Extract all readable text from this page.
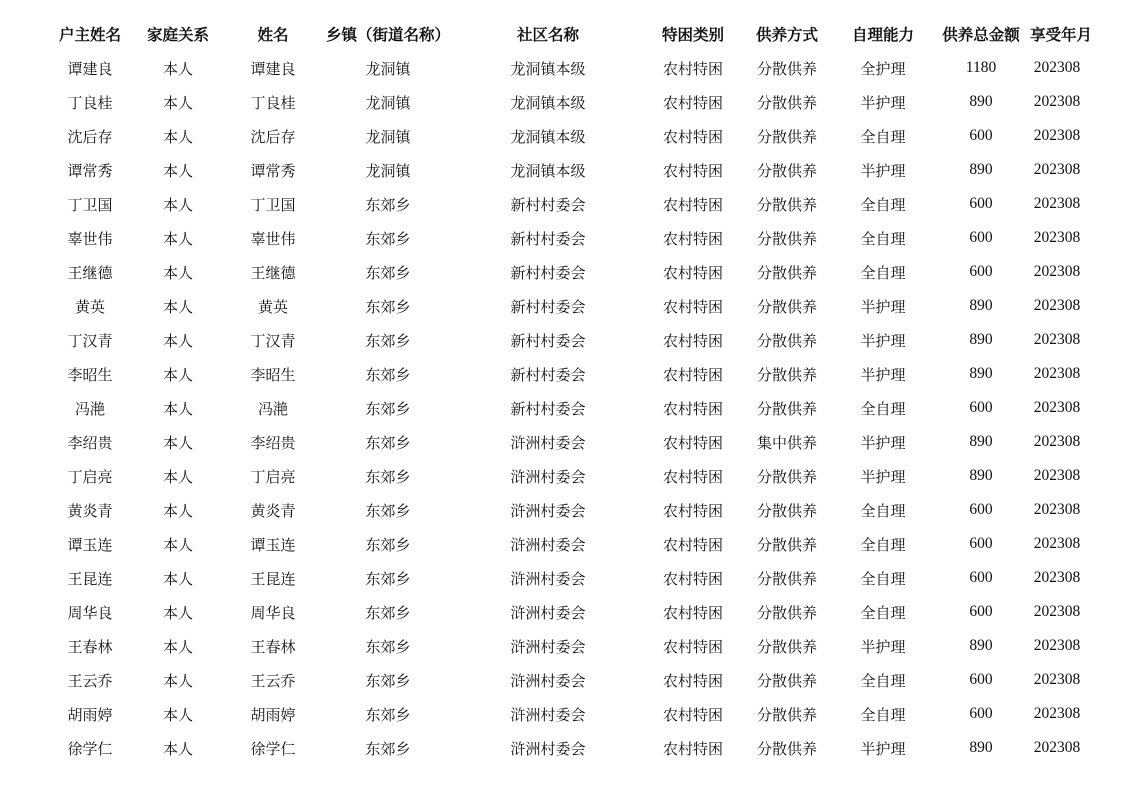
户主姓名	家庭关系	姓名	乡镇（街道名称）	社区名称	特困类别	供养方式	自理能力	供养总金额	享受年月
谭建良	本人	谭建良	龙洞镇	龙洞镇本级	农村特困	分散供养	全护理	1180	202308
丁良桂	本人	丁良桂	龙洞镇	龙洞镇本级	农村特困	分散供养	半护理	890	202308
沈后存	本人	沈后存	龙洞镇	龙洞镇本级	农村特困	分散供养	全自理	600	202308
谭常秀	本人	谭常秀	龙洞镇	龙洞镇本级	农村特困	分散供养	半护理	890	202308
丁卫国	本人	丁卫国	东郊乡	新村村委会	农村特困	分散供养	全自理	600	202308
辜世伟	本人	辜世伟	东郊乡	新村村委会	农村特困	分散供养	全自理	600	202308
王继德	本人	王继德	东郊乡	新村村委会	农村特困	分散供养	全自理	600	202308
黄英	本人	黄英	东郊乡	新村村委会	农村特困	分散供养	半护理	890	202308
丁汉青	本人	丁汉青	东郊乡	新村村委会	农村特困	分散供养	半护理	890	202308
李昭生	本人	李昭生	东郊乡	新村村委会	农村特困	分散供养	半护理	890	202308
冯滟	本人	冯滟	东郊乡	新村村委会	农村特困	分散供养	全自理	600	202308
李绍贵	本人	李绍贵	东郊乡	浒洲村委会	农村特困	集中供养	半护理	890	202308
丁启亮	本人	丁启亮	东郊乡	浒洲村委会	农村特困	分散供养	半护理	890	202308
黄炎青	本人	黄炎青	东郊乡	浒洲村委会	农村特困	分散供养	全自理	600	202308
谭玉连	本人	谭玉连	东郊乡	浒洲村委会	农村特困	分散供养	全自理	600	202308
王昆连	本人	王昆连	东郊乡	浒洲村委会	农村特困	分散供养	全自理	600	202308
周华良	本人	周华良	东郊乡	浒洲村委会	农村特困	分散供养	全自理	600	202308
王春林	本人	王春林	东郊乡	浒洲村委会	农村特困	分散供养	半护理	890	202308
王云乔	本人	王云乔	东郊乡	浒洲村委会	农村特困	分散供养	全自理	600	202308
胡雨婷	本人	胡雨婷	东郊乡	浒洲村委会	农村特困	分散供养	全自理	600	202308
徐学仁	本人	徐学仁	东郊乡	浒洲村委会	农村特困	分散供养	半护理	890	202308
